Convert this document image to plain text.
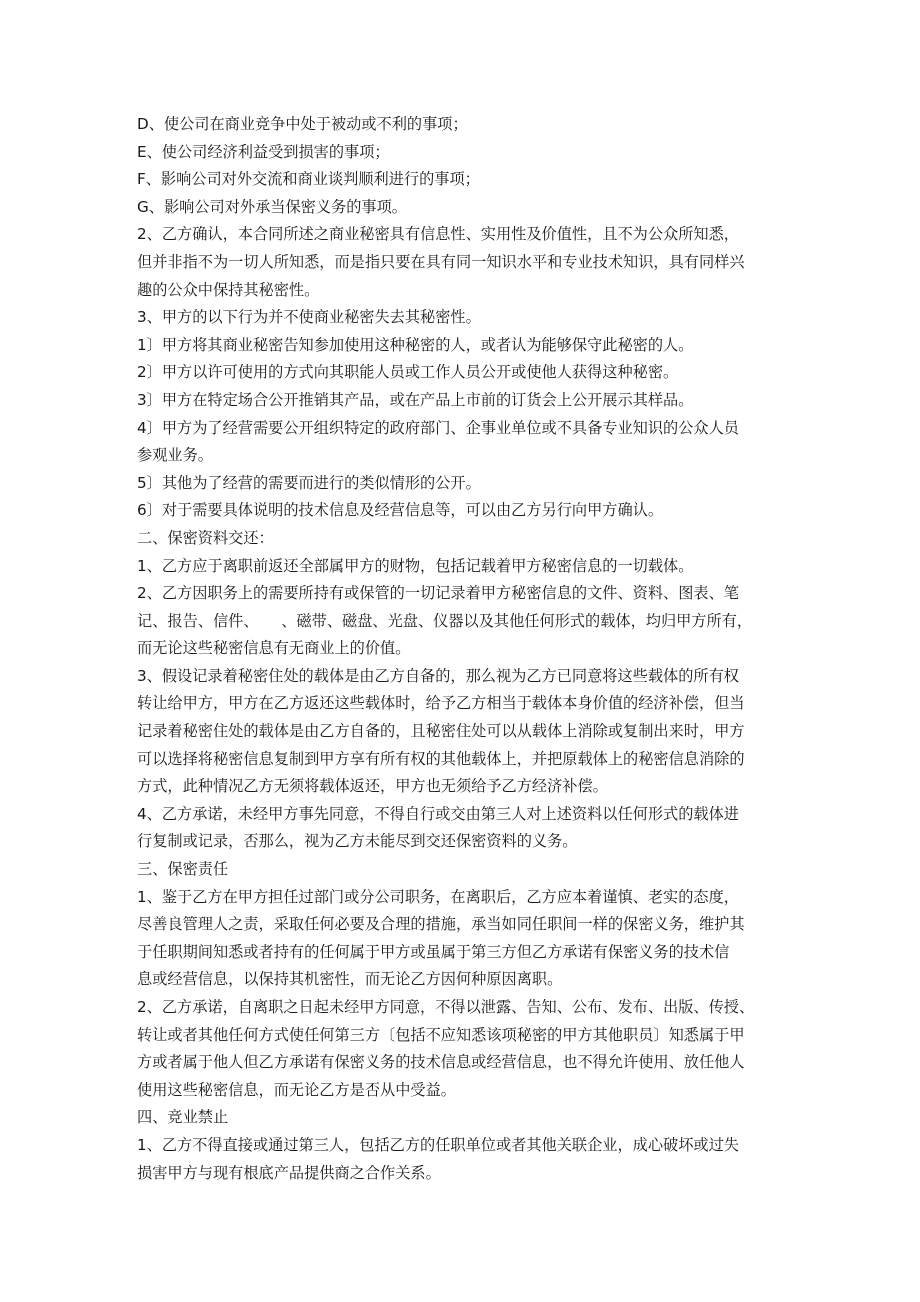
D、使公司在商业竞争中处于被动或不利的事项；
E、使公司经济利益受到损害的事项；
F、影响公司对外交流和商业谈判顺利进行的事项；
G、影响公司对外承当保密义务的事项。
2、乙方确认，本合同所述之商业秘密具有信息性、实用性及价值性，且不为公众所知悉，
但并非指不为一切人所知悉，而是指只要在具有同一知识水平和专业技术知识，具有同样兴
趣的公众中保持其秘密性。
3、甲方的以下行为并不使商业秘密失去其秘密性。
1〕甲方将其商业秘密告知参加使用这种秘密的人，或者认为能够保守此秘密的人。
2〕甲方以许可使用的方式向其职能人员或工作人员公开或使他人获得这种秘密。
3〕甲方在特定场合公开推销其产品，或在产品上市前的订货会上公开展示其样品。
4〕甲方为了经营需要公开组织特定的政府部门、企事业单位或不具备专业知识的公众人员
参观业务。
5〕其他为了经营的需要而进行的类似情形的公开。
6〕对于需要具体说明的技术信息及经营信息等，可以由乙方另行向甲方确认。
二、保密资料交还：
1、乙方应于离职前返还全部属甲方的财物，包括记载着甲方秘密信息的一切载体。
2、乙方因职务上的需要所持有或保管的一切记录着甲方秘密信息的文件、资料、图表、笔
记、报告、信件、　　、磁带、磁盘、光盘、仪器以及其他任何形式的载体，均归甲方所有，
而无论这些秘密信息有无商业上的价值。
3、假设记录着秘密住处的载体是由乙方自备的，那么视为乙方已同意将这些载体的所有权
转让给甲方，甲方在乙方返还这些载体时，给予乙方相当于载体本身价值的经济补偿，但当
记录着秘密住处的载体是由乙方自备的，且秘密住处可以从载体上消除或复制出来时，甲方
可以选择将秘密信息复制到甲方享有所有权的其他载体上，并把原载体上的秘密信息消除的
方式，此种情况乙方无须将载体返还，甲方也无须给予乙方经济补偿。
4、乙方承诺，未经甲方事先同意，不得自行或交由第三人对上述资料以任何形式的载体进
行复制或记录，否那么，视为乙方未能尽到交还保密资料的义务。
三、保密责任
1、鉴于乙方在甲方担任过部门或分公司职务，在离职后，乙方应本着谨慎、老实的态度，
尽善良管理人之责，采取任何必要及合理的措施，承当如同任职间一样的保密义务，维护其
于任职期间知悉或者持有的任何属于甲方或虽属于第三方但乙方承诺有保密义务的技术信
息或经营信息，以保持其机密性，而无论乙方因何种原因离职。
2、乙方承诺，自离职之日起未经甲方同意，不得以泄露、告知、公布、发布、出版、传授、
转让或者其他任何方式使任何第三方〔包括不应知悉该项秘密的甲方其他职员〕知悉属于甲
方或者属于他人但乙方承诺有保密义务的技术信息或经营信息，也不得允许使用、放任他人
使用这些秘密信息，而无论乙方是否从中受益。
四、竞业禁止
1、乙方不得直接或通过第三人，包括乙方的任职单位或者其他关联企业，成心破坏或过失
损害甲方与现有根底产品提供商之合作关系。
